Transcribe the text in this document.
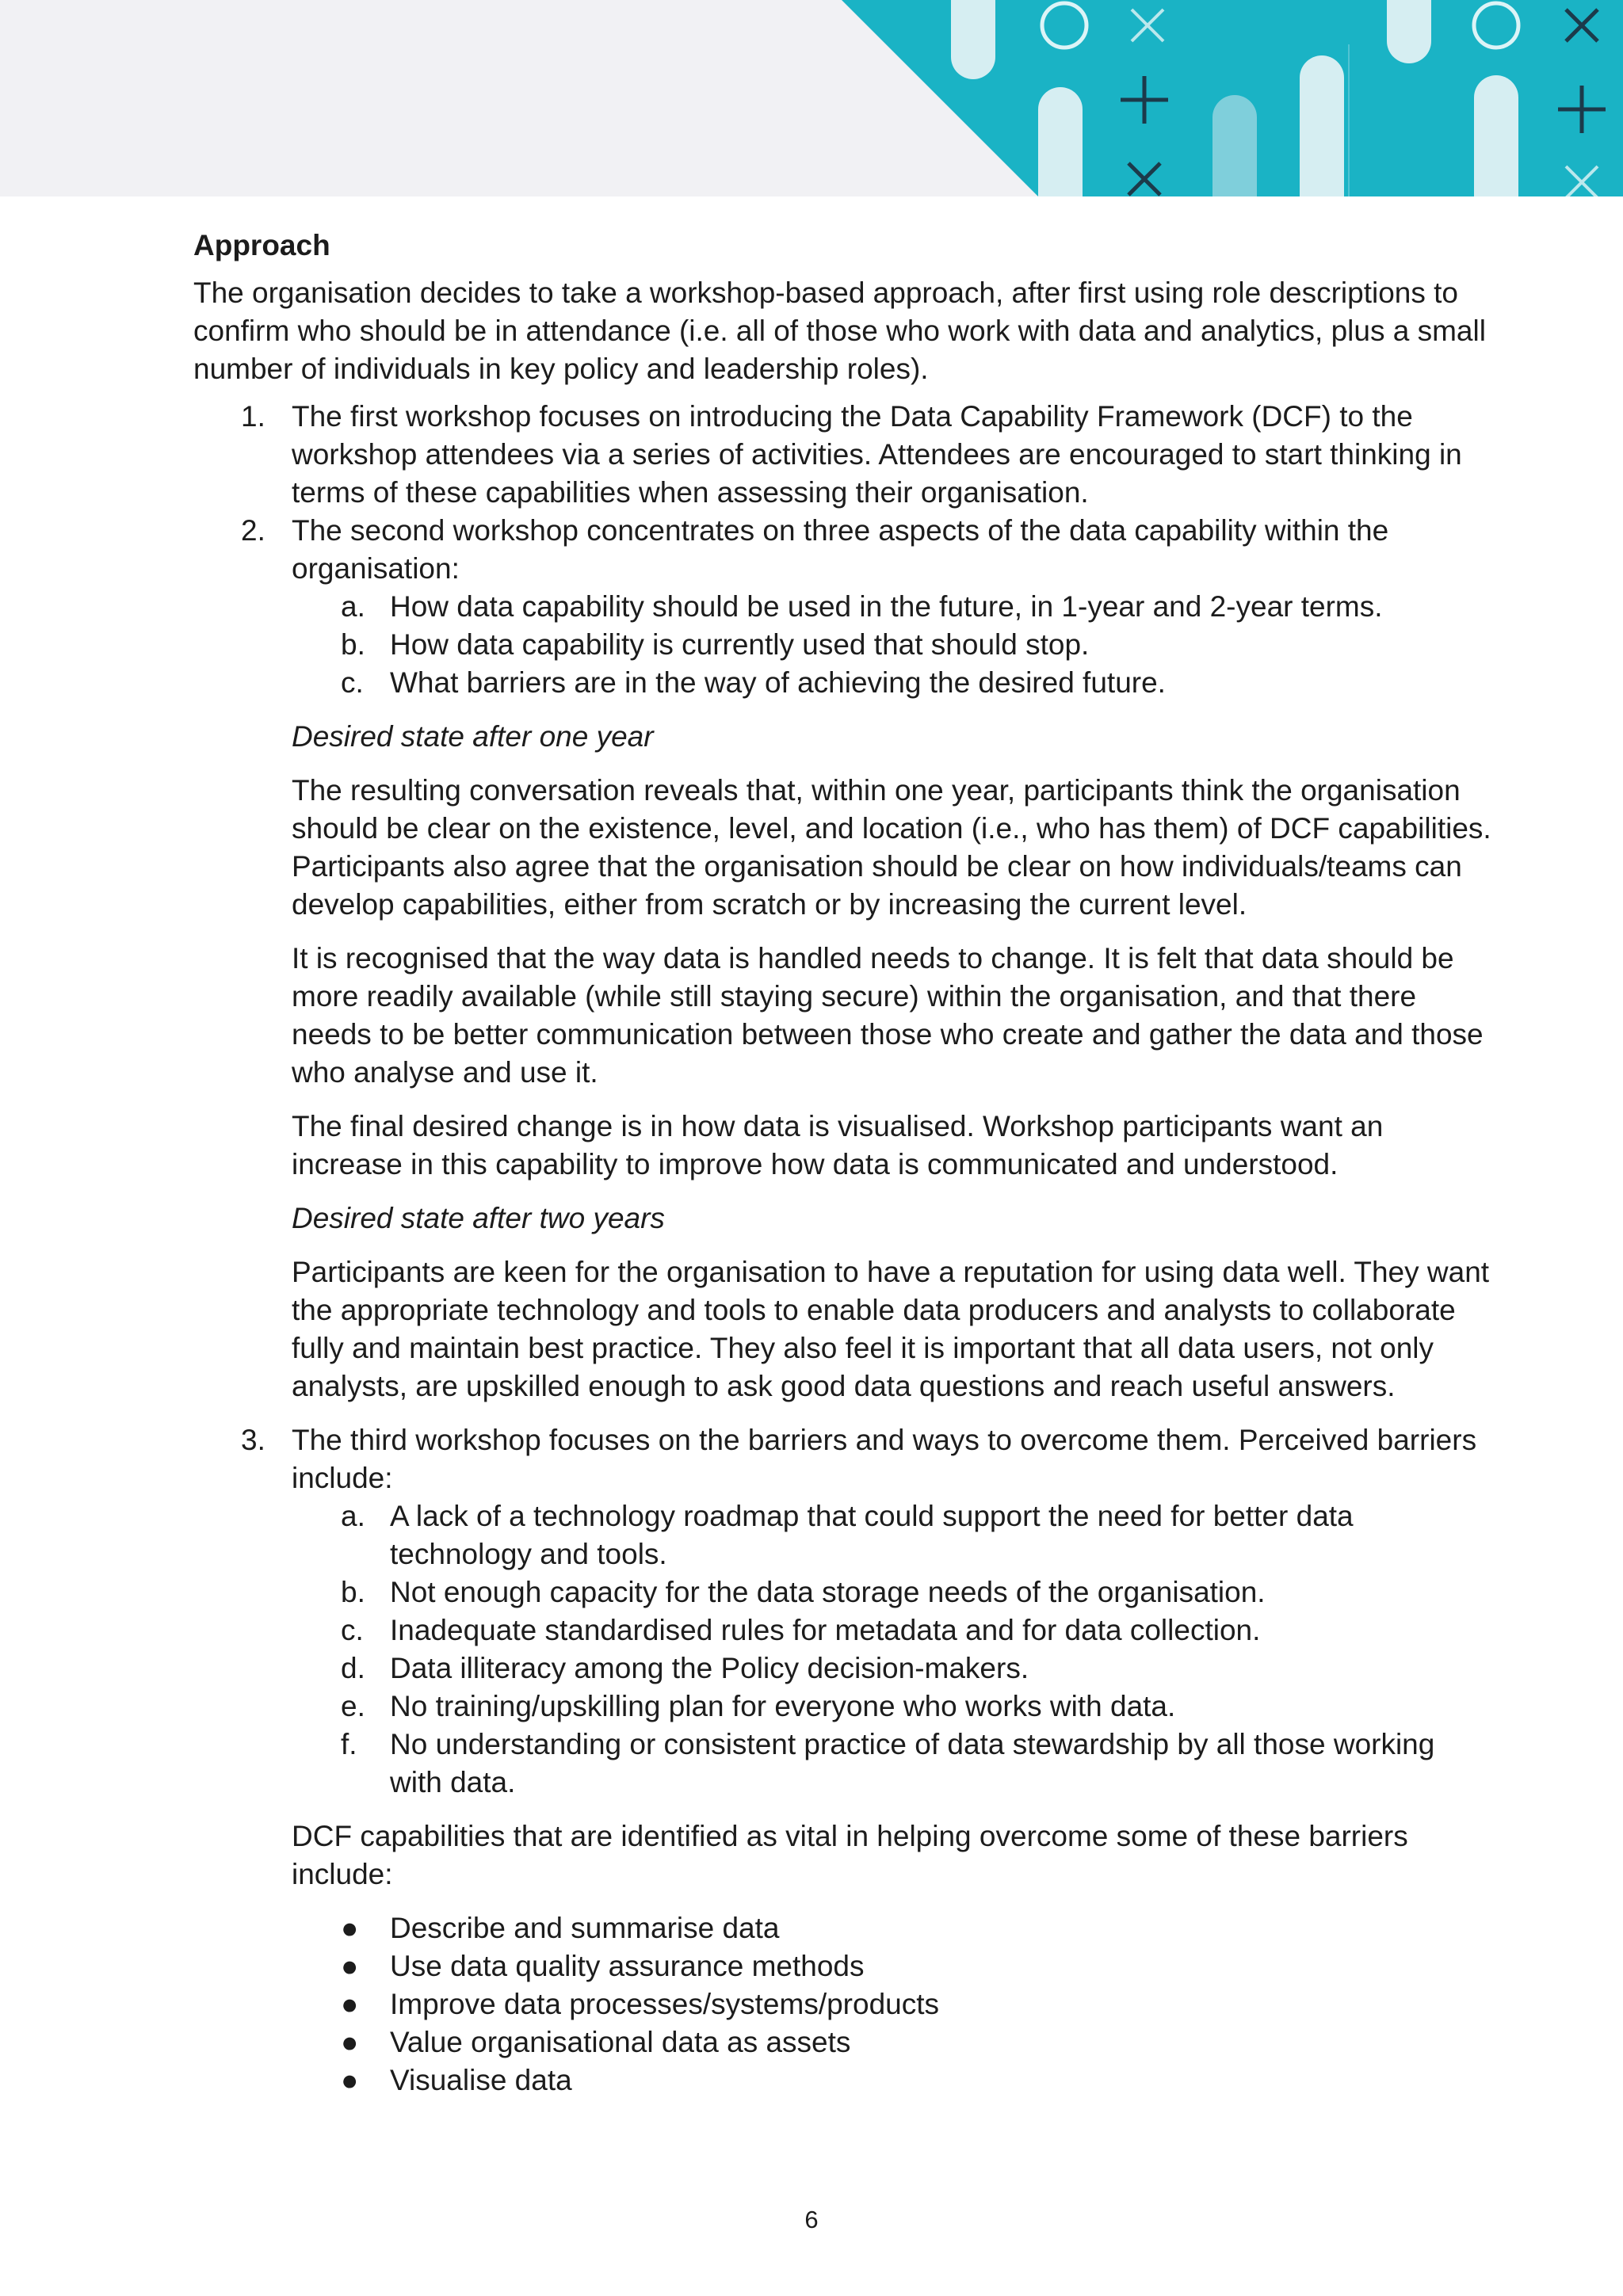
Approach

The organisation decides to take a workshop-based approach, after first using role descriptions to confirm who should be in attendance (i.e. all of those who work with data and analytics, plus a small number of individuals in key policy and leadership roles).

1. The first workshop focuses on introducing the Data Capability Framework (DCF) to the workshop attendees via a series of activities. Attendees are encouraged to start thinking in terms of these capabilities when assessing their organisation.
2. The second workshop concentrates on three aspects of the data capability within the organisation:
a. How data capability should be used in the future, in 1-year and 2-year terms.
b. How data capability is currently used that should stop.
c. What barriers are in the way of achieving the desired future.

Desired state after one year

The resulting conversation reveals that, within one year, participants think the organisation should be clear on the existence, level, and location (i.e., who has them) of DCF capabilities. Participants also agree that the organisation should be clear on how individuals/teams can develop capabilities, either from scratch or by increasing the current level.

It is recognised that the way data is handled needs to change. It is felt that data should be more readily available (while still staying secure) within the organisation, and that there needs to be better communication between those who create and gather the data and those who analyse and use it.

The final desired change is in how data is visualised. Workshop participants want an increase in this capability to improve how data is communicated and understood.

Desired state after two years

Participants are keen for the organisation to have a reputation for using data well. They want the appropriate technology and tools to enable data producers and analysts to collaborate fully and maintain best practice. They also feel it is important that all data users, not only analysts, are upskilled enough to ask good data questions and reach useful answers.

3. The third workshop focuses on the barriers and ways to overcome them. Perceived barriers include:
a. A lack of a technology roadmap that could support the need for better data technology and tools.
b. Not enough capacity for the data storage needs of the organisation.
c. Inadequate standardised rules for metadata and for data collection.
d. Data illiteracy among the Policy decision-makers.
e. No training/upskilling plan for everyone who works with data.
f. No understanding or consistent practice of data stewardship by all those working with data.

DCF capabilities that are identified as vital in helping overcome some of these barriers include:

● Describe and summarise data
● Use data quality assurance methods
● Improve data processes/systems/products
● Value organisational data as assets
● Visualise data
6
